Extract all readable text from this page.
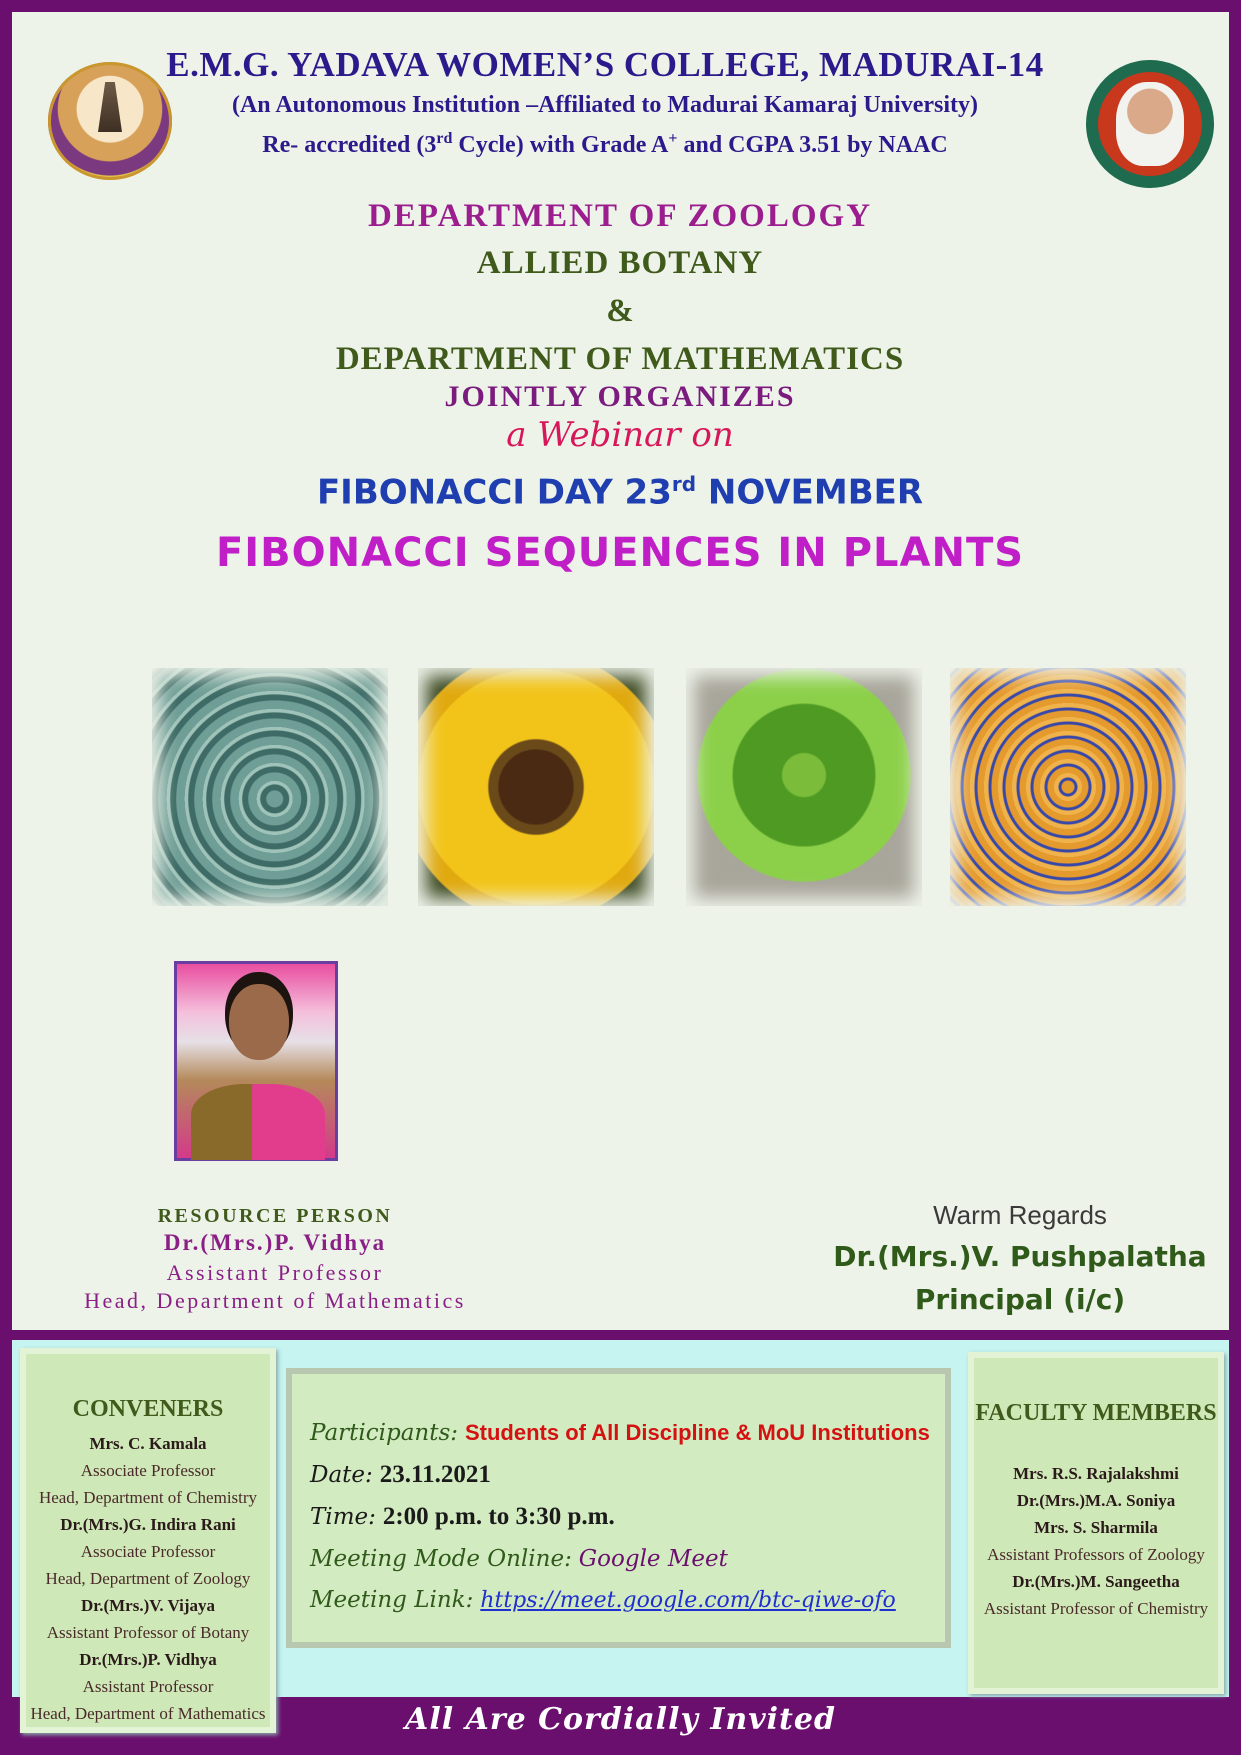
E.M.G. YADAVA WOMEN’S COLLEGE, MADURAI-14
(An Autonomous Institution –Affiliated to Madurai Kamaraj University)
Re- accredited (3rd Cycle) with Grade A+ and CGPA 3.51 by NAAC
DEPARTMENT OF ZOOLOGY
ALLIED BOTANY
&
DEPARTMENT OF MATHEMATICS
JOINTLY ORGANIZES
a Webinar on
FIBONACCI DAY 23rd NOVEMBER
FIBONACCI SEQUENCES IN PLANTS
RESOURCE PERSON
Dr.(Mrs.)P. Vidhya
Assistant Professor
Head, Department of Mathematics
Warm Regards
Dr.(Mrs.)V. Pushpalatha
Principal (i/c)
CONVENERS
Mrs. C. Kamala
Associate Professor
Head, Department of Chemistry
Dr.(Mrs.)G. Indira Rani
Associate Professor
Head, Department of Zoology
Dr.(Mrs.)V. Vijaya
Assistant Professor of Botany
Dr.(Mrs.)P. Vidhya
Assistant Professor
Head, Department of Mathematics
FACULTY MEMBERS
Mrs. R.S. Rajalakshmi
Dr.(Mrs.)M.A. Soniya
Mrs. S. Sharmila
Assistant Professors of Zoology
Dr.(Mrs.)M. Sangeetha
Assistant Professor of Chemistry
Participants: Students of All Discipline & MoU Institutions
Date: 23.11.2021
Time: 2:00 p.m. to 3:30 p.m.
Meeting Mode Online: Google Meet
Meeting Link: https://meet.google.com/btc-qiwe-ofo
All Are Cordially Invited
